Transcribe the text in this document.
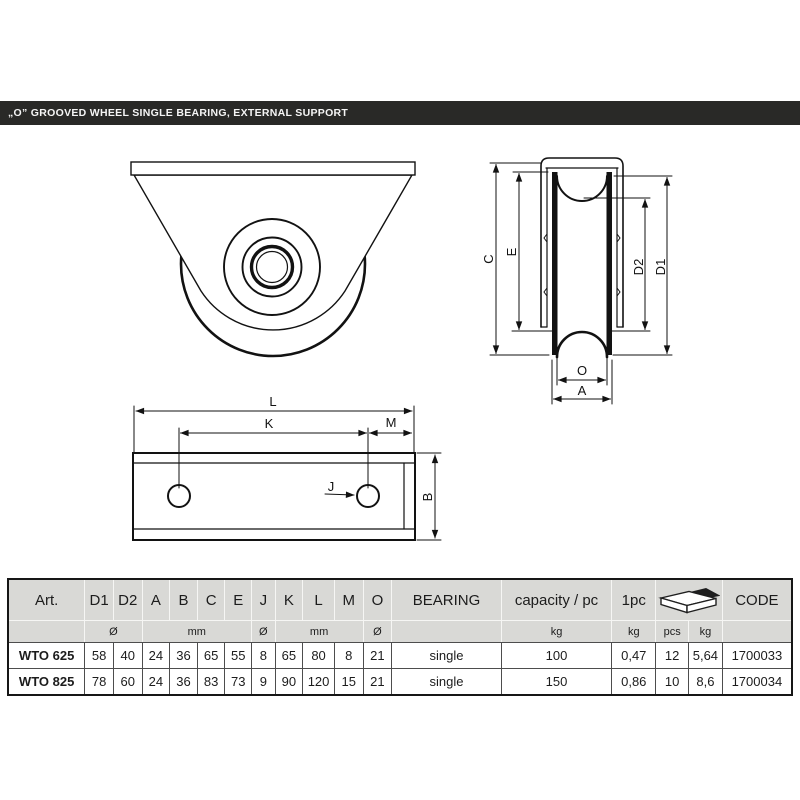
„O” GROOVED WHEEL SINGLE BEARING, EXTERNAL SUPPORT
C
E
D2 D1
O
A
L
K	M
J
B
Art.	D1	D2	A	B	C	E	J	K	L	M	O	BEARING	capacity / pc	1pc			CODE
	Ø		mm				Ø	mm			Ø		kg	kg	pcs	kg	
WTO 625	58	40	24	36	65	55	8	65	80	8	21	single	100	0,47	12	5,64	1700033
WTO 825	78	60	24	36	83	73	9	90	120	15	21	single	150	0,86	10	8,6	1700034
